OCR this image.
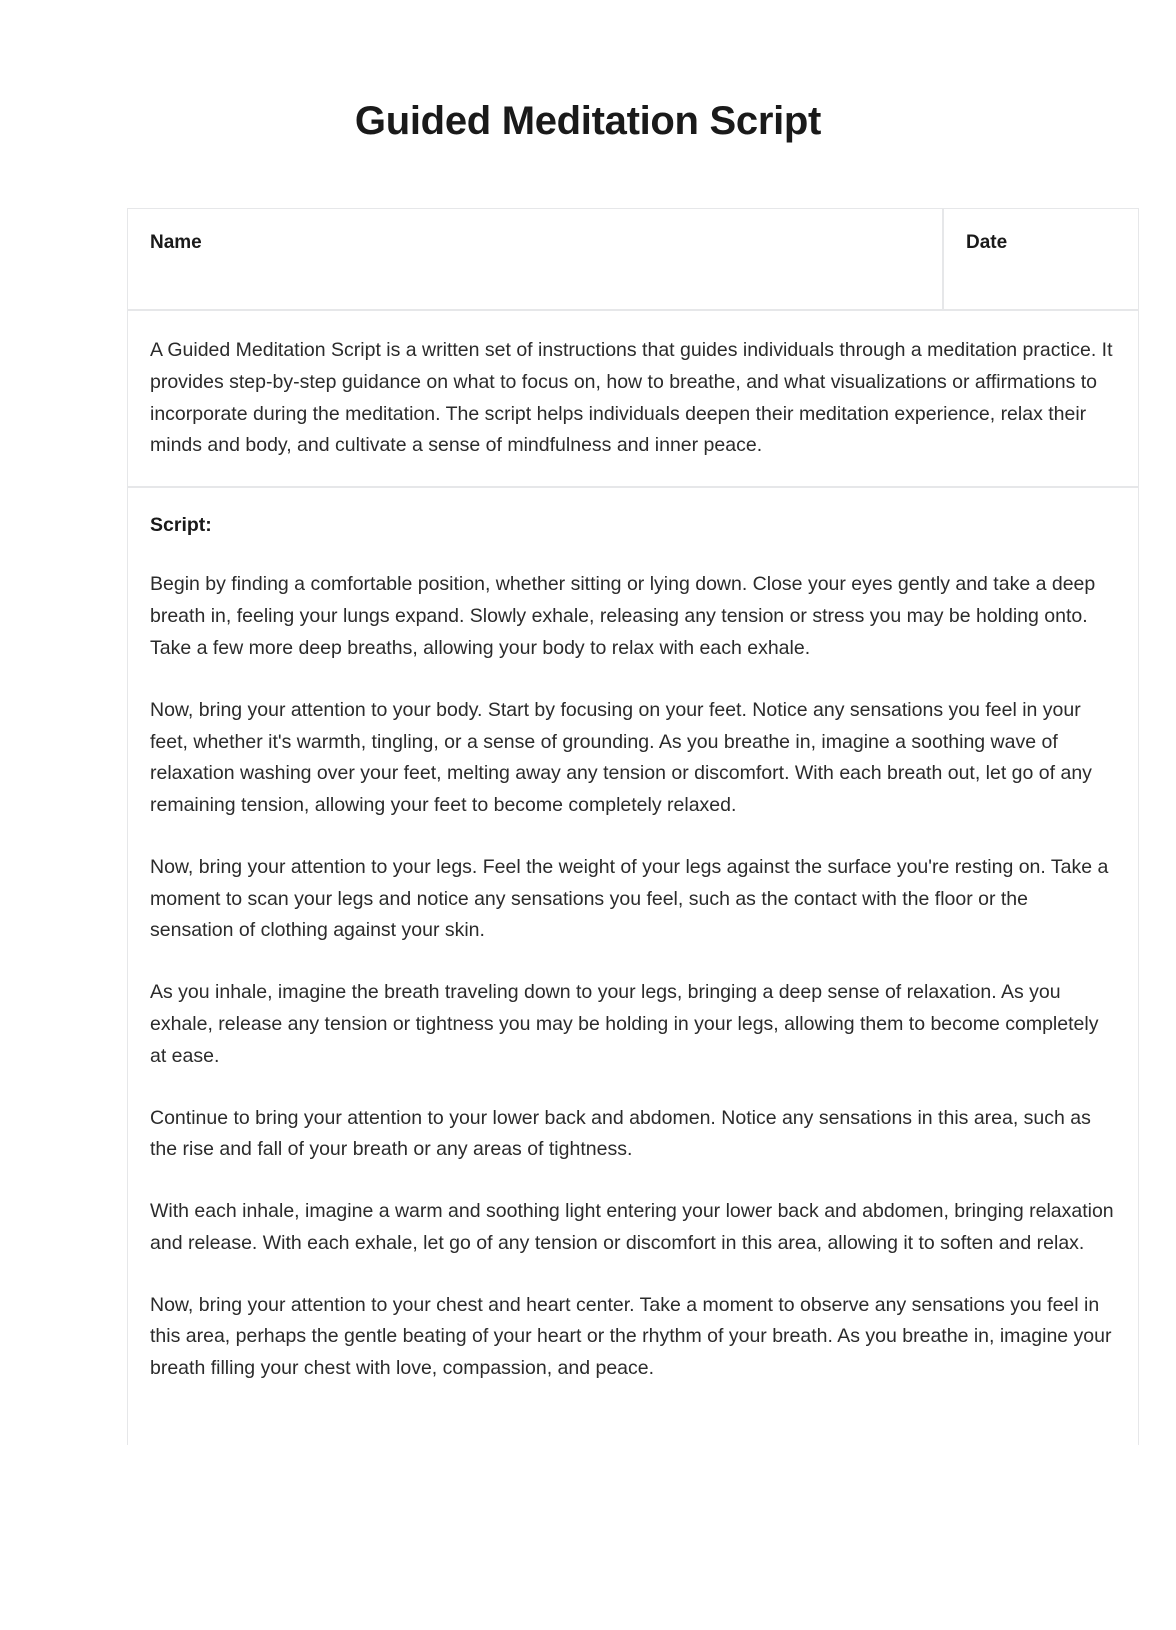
Guided Meditation Script
Name	Date

A Guided Meditation Script is a written set of instructions that guides individuals through a meditation practice. It provides step-by-step guidance on what to focus on, how to breathe, and what visualizations or affirmations to incorporate during the meditation. The script helps individuals deepen their meditation experience, relax their minds and body, and cultivate a sense of mindfulness and inner peace.

Script:

Begin by finding a comfortable position, whether sitting or lying down. Close your eyes gently and take a deep breath in, feeling your lungs expand. Slowly exhale, releasing any tension or stress you may be holding onto. Take a few more deep breaths, allowing your body to relax with each exhale.

Now, bring your attention to your body. Start by focusing on your feet. Notice any sensations you feel in your feet, whether it's warmth, tingling, or a sense of grounding. As you breathe in, imagine a soothing wave of relaxation washing over your feet, melting away any tension or discomfort. With each breath out, let go of any remaining tension, allowing your feet to become completely relaxed.

Now, bring your attention to your legs. Feel the weight of your legs against the surface you're resting on. Take a moment to scan your legs and notice any sensations you feel, such as the contact with the floor or the sensation of clothing against your skin.

As you inhale, imagine the breath traveling down to your legs, bringing a deep sense of relaxation. As you exhale, release any tension or tightness you may be holding in your legs, allowing them to become completely at ease.

Continue to bring your attention to your lower back and abdomen. Notice any sensations in this area, such as the rise and fall of your breath or any areas of tightness.

With each inhale, imagine a warm and soothing light entering your lower back and abdomen, bringing relaxation and release. With each exhale, let go of any tension or discomfort in this area, allowing it to soften and relax.

Now, bring your attention to your chest and heart center. Take a moment to observe any sensations you feel in this area, perhaps the gentle beating of your heart or the rhythm of your breath. As you breathe in, imagine your breath filling your chest with love, compassion, and peace.
